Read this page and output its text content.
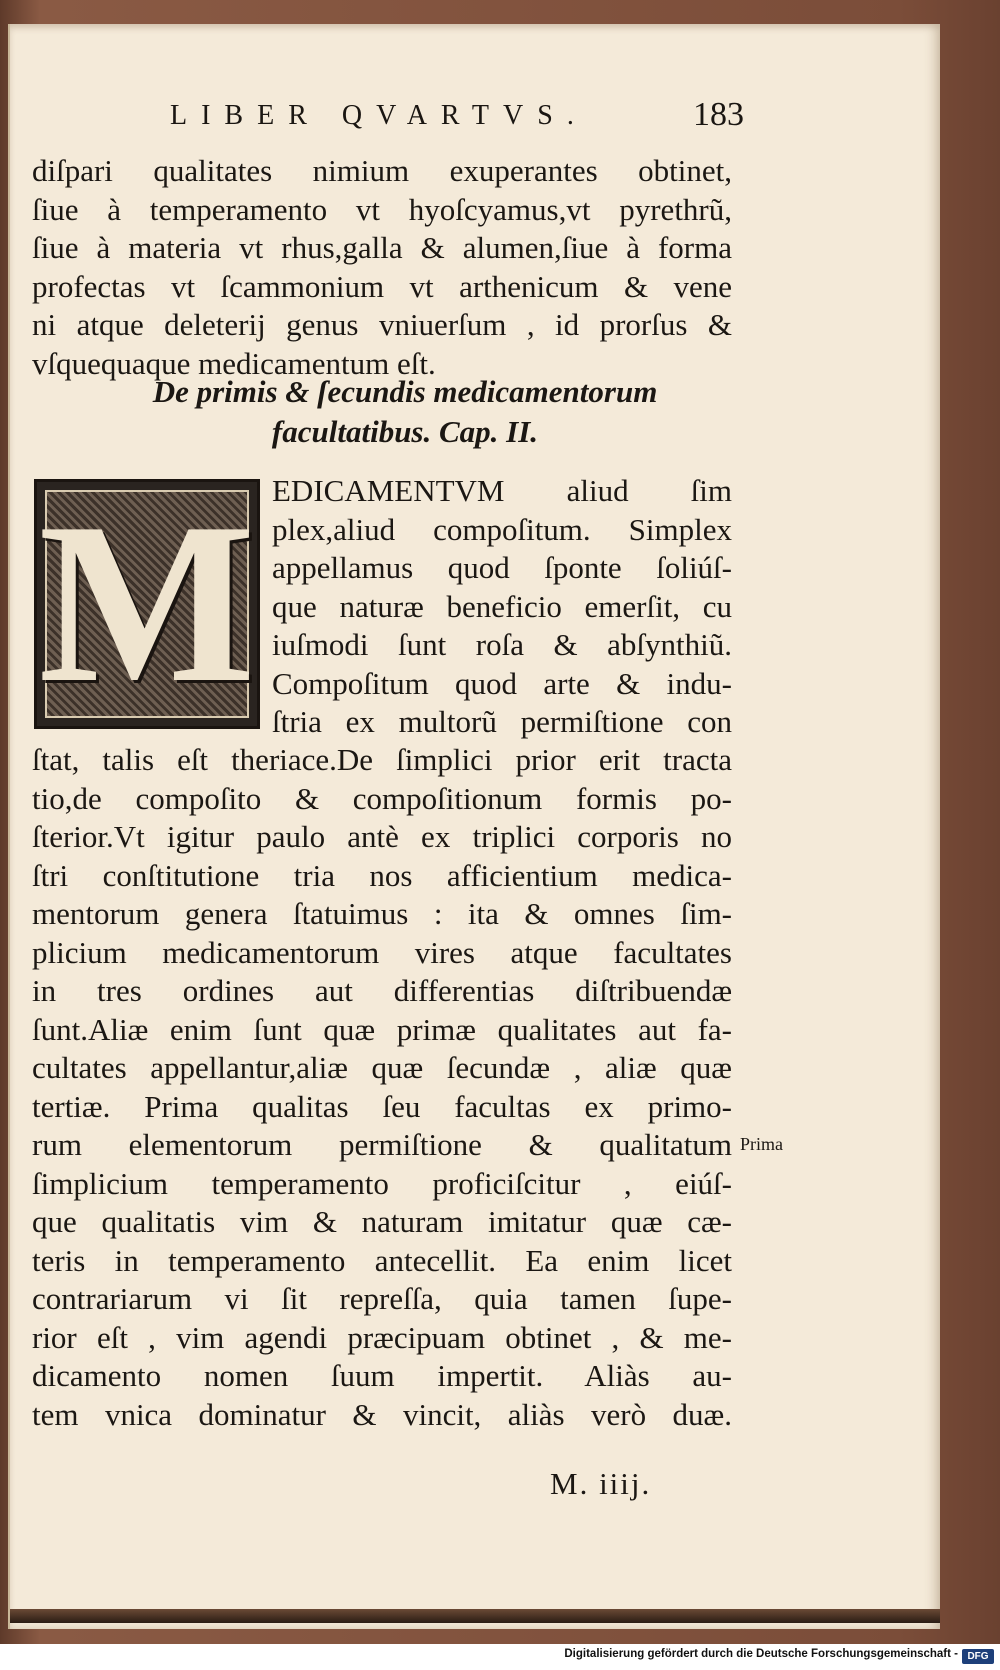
LIBER QVARTVS.	183
diſpari qualitates nimium exuperantes obtinet,
ſiue à temperamento vt hyoſcyamus,vt pyrethrũ,
ſiue à materia vt rhus,galla & alumen,ſiue à forma
profectas vt ſcammonium vt arthenicum & vene
ni atque deleterij genus vniuerſum , id prorſus &
vſquequaque medicamentum eſt.
De primis & ſecundis medicamentorum
facultatibus. Cap. II.
M EDICAMENTVM aliud ſim
plex,aliud compoſitum. Simplex
appellamus quod ſponte ſoliúſ-
que naturæ beneficio emerſit, cu
iuſmodi ſunt roſa & abſynthiũ.
Compoſitum quod arte & indu-
ſtria ex multorũ permiſtione con
ſtat, talis eſt theriace.De ſimplici prior erit tracta
tio,de compoſito & compoſitionum formis po-
ſterior.Vt igitur paulo antè ex triplici corporis no
ſtri conſtitutione tria nos afficientium medica-
mentorum genera ſtatuimus : ita & omnes ſim-
plicium medicamentorum vires atque facultates
in tres ordines aut differentias diſtribuendæ
ſunt.Aliæ enim ſunt quæ primæ qualitates aut fa-
cultates appellantur,aliæ quæ ſecundæ , aliæ quæ
tertiæ. Prima qualitas ſeu facultas ex primo-
rum elementorum permiſtione & qualitatum
ſimplicium temperamento proficiſcitur , eiúſ-
que qualitatis vim & naturam imitatur quæ cæ-
teris in temperamento antecellit. Ea enim licet
contrariarum vi ſit repreſſa, quia tamen ſupe-
rior eſt , vim agendi præcipuam obtinet , & me-
dicamento nomen ſuum impertit. Aliàs au-
tem vnica dominatur & vincit, aliàs verò duæ.
Prima
M. iiij.
Digitalisierung gefördert durch die Deutsche Forschungsgemeinschaft - DFG
